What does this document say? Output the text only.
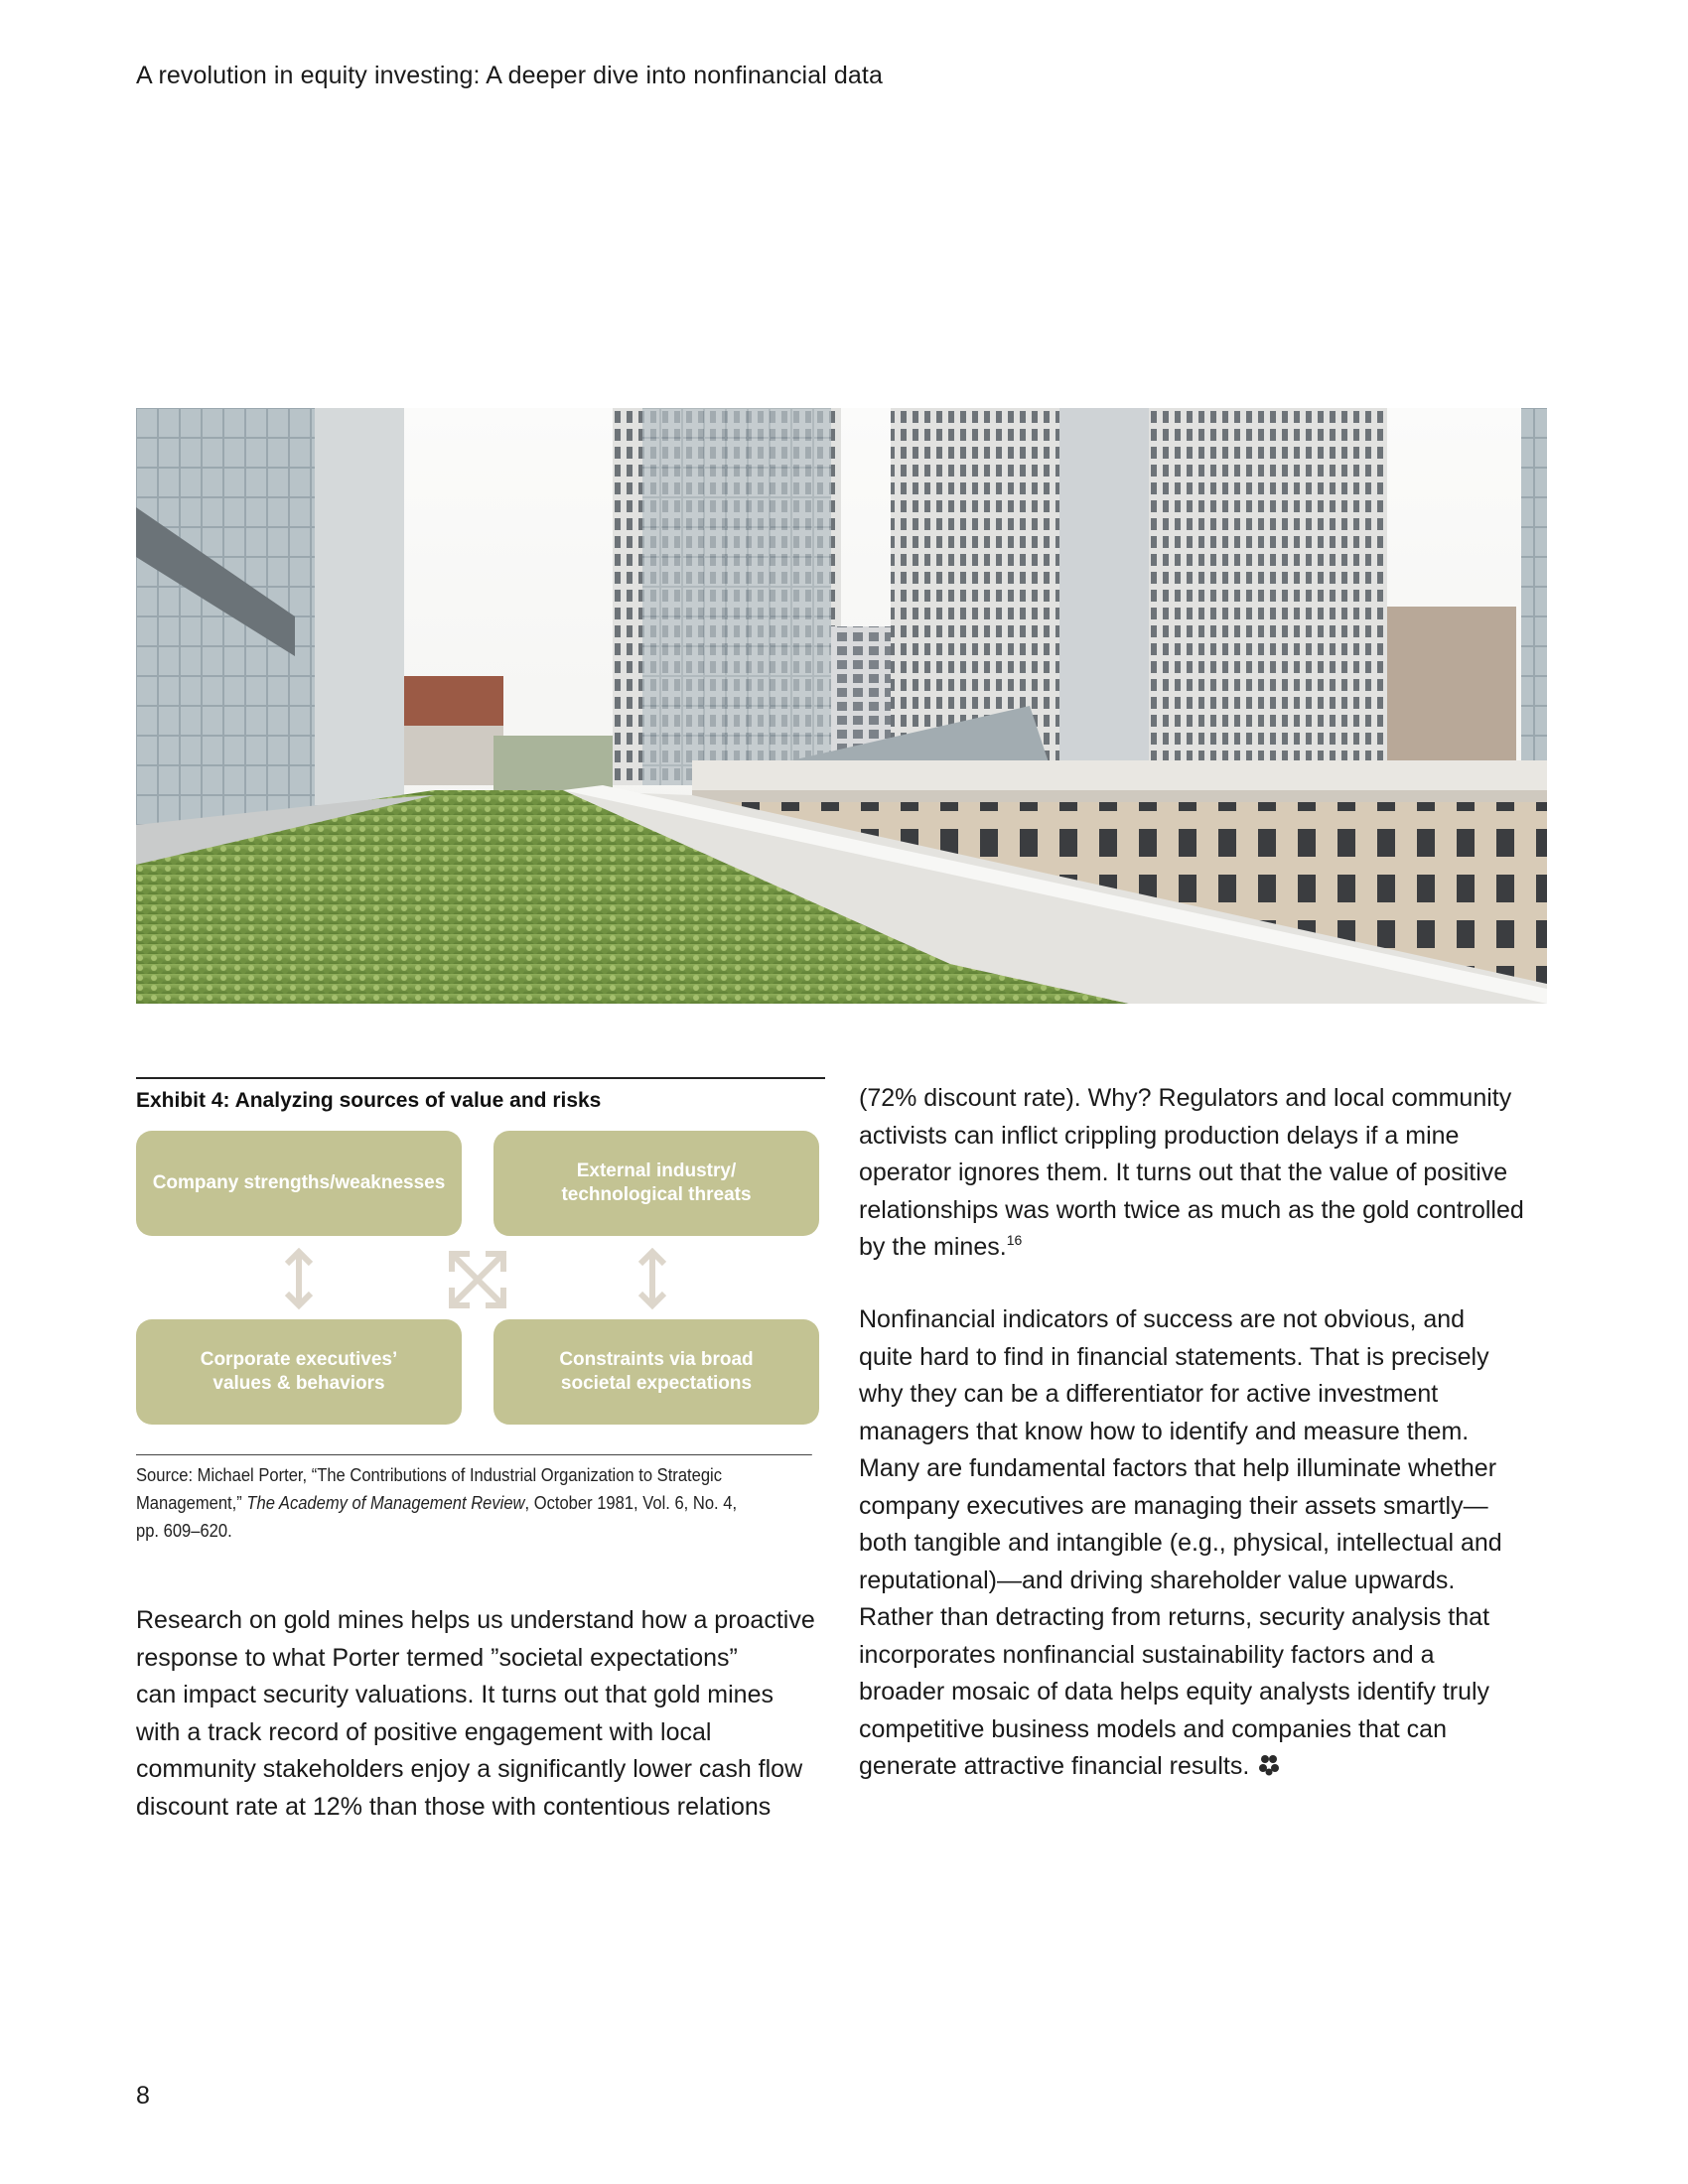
A revolution in equity investing: A deeper dive into nonfinancial data
Exhibit 4: Analyzing sources of value and risks
Company strengths/weaknesses
External industry/
technological threats
Corporate executives’
values & behaviors
Constraints via broad
societal expectations
Source: Michael Porter, “The Contributions of Industrial Organization to Strategic
Management,” The Academy of Management Review, October 1981, Vol. 6, No. 4,
pp. 609–620.
Research on gold mines helps us understand how a proactive
response to what Porter termed ”societal expectations”
can impact security valuations. It turns out that gold mines
with a track record of positive engagement with local
community stakeholders enjoy a significantly lower cash flow
discount rate at 12% than those with contentious relations
(72% discount rate). Why? Regulators and local community
activists can inflict crippling production delays if a mine
operator ignores them. It turns out that the value of positive
relationships was worth twice as much as the gold controlled
by the mines.$^{16}$
Nonfinancial indicators of success are not obvious, and
quite hard to find in financial statements. That is precisely
why they can be a differentiator for active investment
managers that know how to identify and measure them.
Many are fundamental factors that help illuminate whether
company executives are managing their assets smartly—
both tangible and intangible (e.g., physical, intellectual and
reputational)—and driving shareholder value upwards.
Rather than detracting from returns, security analysis that
incorporates nonfinancial sustainability factors and a
broader mosaic of data helps equity analysts identify truly
competitive business models and companies that can
generate attractive financial results.
8
